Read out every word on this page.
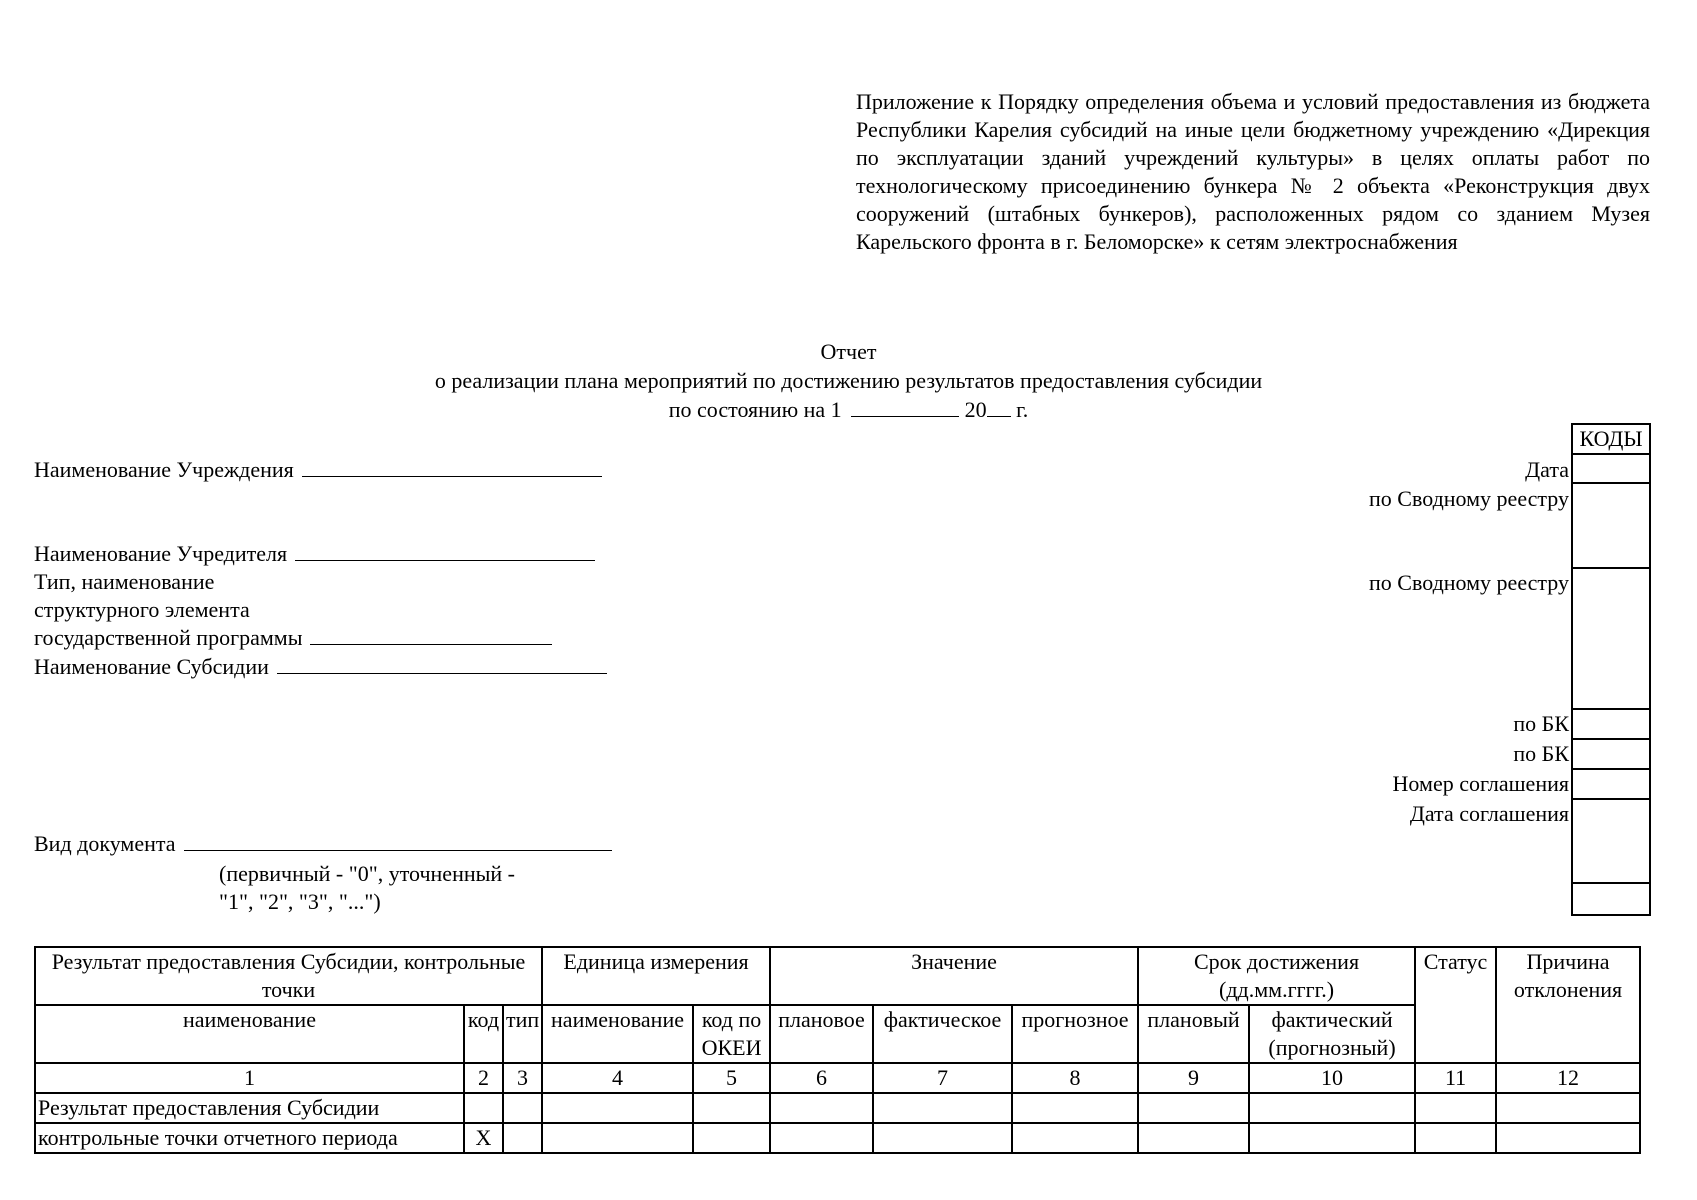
Приложение к Порядку определения объема и условий предоставления из бюджета Республики Карелия субсидий на иные цели бюджетному учреждению «Дирекция по эксплуатации зданий учреждений культуры» в целях оплаты работ по технологическому присоединению бункера № 2 объекта «Реконструкция двух сооружений (штабных бункеров), расположенных рядом со зданием Музея Карельского фронта в г. Беломорске» к сетям электроснабжения
Отчет
о реализации плана мероприятий по достижению результатов предоставления субсидии
по состоянию на 1	20 г.
Наименование Учреждения
Наименование Учредителя
Тип, наименование
структурного элемента
государственной программы
Наименование Субсидии
Вид документа
(первичный - "0", уточненный -
"1", "2", "3", "...")
Дата
по Сводному реестру
по Сводному реестру
по БК
по БК
Номер соглашения
Дата соглашения
КОДЫ

Результат предоставления Субсидии, контрольные точки			Единица измерения		Значение			Срок достижения (дд.мм.гггг.)		Статус	Причина отклонения
наименование	код	тип	наименование	код по ОКЕИ	плановое	фактическое	прогнозное	плановый	фактический (прогнозный)		
1	2	3	4	5	6	7	8	9	10	11	12
Результат предоставления Субсидии											
контрольные точки отчетного периода	X										
